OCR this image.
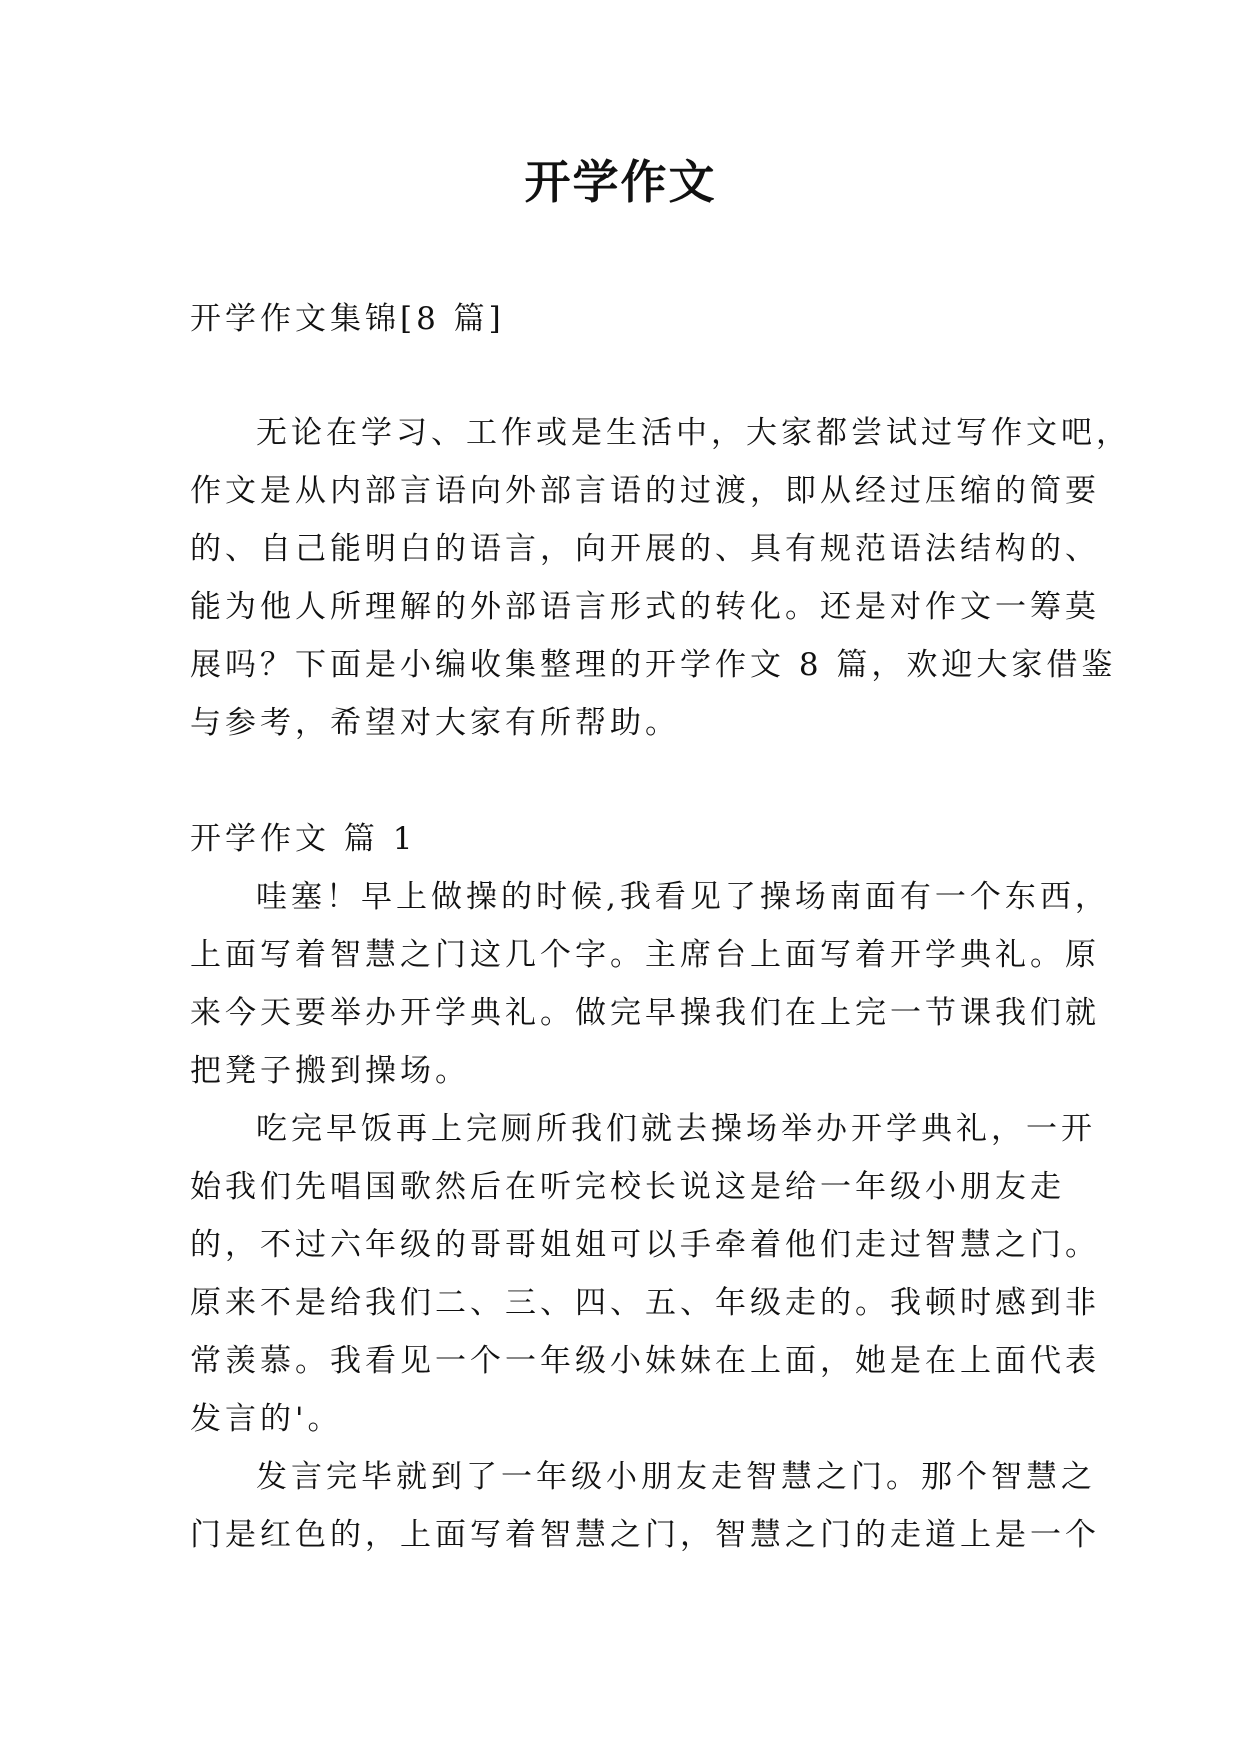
开学作文
开学作文集锦[8 篇]
无论在学习、工作或是生活中，大家都尝试过写作文吧，
作文是从内部言语向外部言语的过渡，即从经过压缩的简要
的、自己能明白的语言，向开展的、具有规范语法结构的、
能为他人所理解的外部语言形式的转化。还是对作文一筹莫
展吗？下面是小编收集整理的开学作文 8 篇，欢迎大家借鉴
与参考，希望对大家有所帮助。
开学作文 篇 1
哇塞！早上做操的时候,我看见了操场南面有一个东西，
上面写着智慧之门这几个字。主席台上面写着开学典礼。原
来今天要举办开学典礼。做完早操我们在上完一节课我们就
把凳子搬到操场。
吃完早饭再上完厕所我们就去操场举办开学典礼，一开
始我们先唱国歌然后在听完校长说这是给一年级小朋友走
的，不过六年级的哥哥姐姐可以手牵着他们走过智慧之门。
原来不是给我们二、三、四、五、年级走的。我顿时感到非
常羡慕。我看见一个一年级小妹妹在上面，她是在上面代表
发言的'。
发言完毕就到了一年级小朋友走智慧之门。那个智慧之
门是红色的，上面写着智慧之门，智慧之门的走道上是一个
